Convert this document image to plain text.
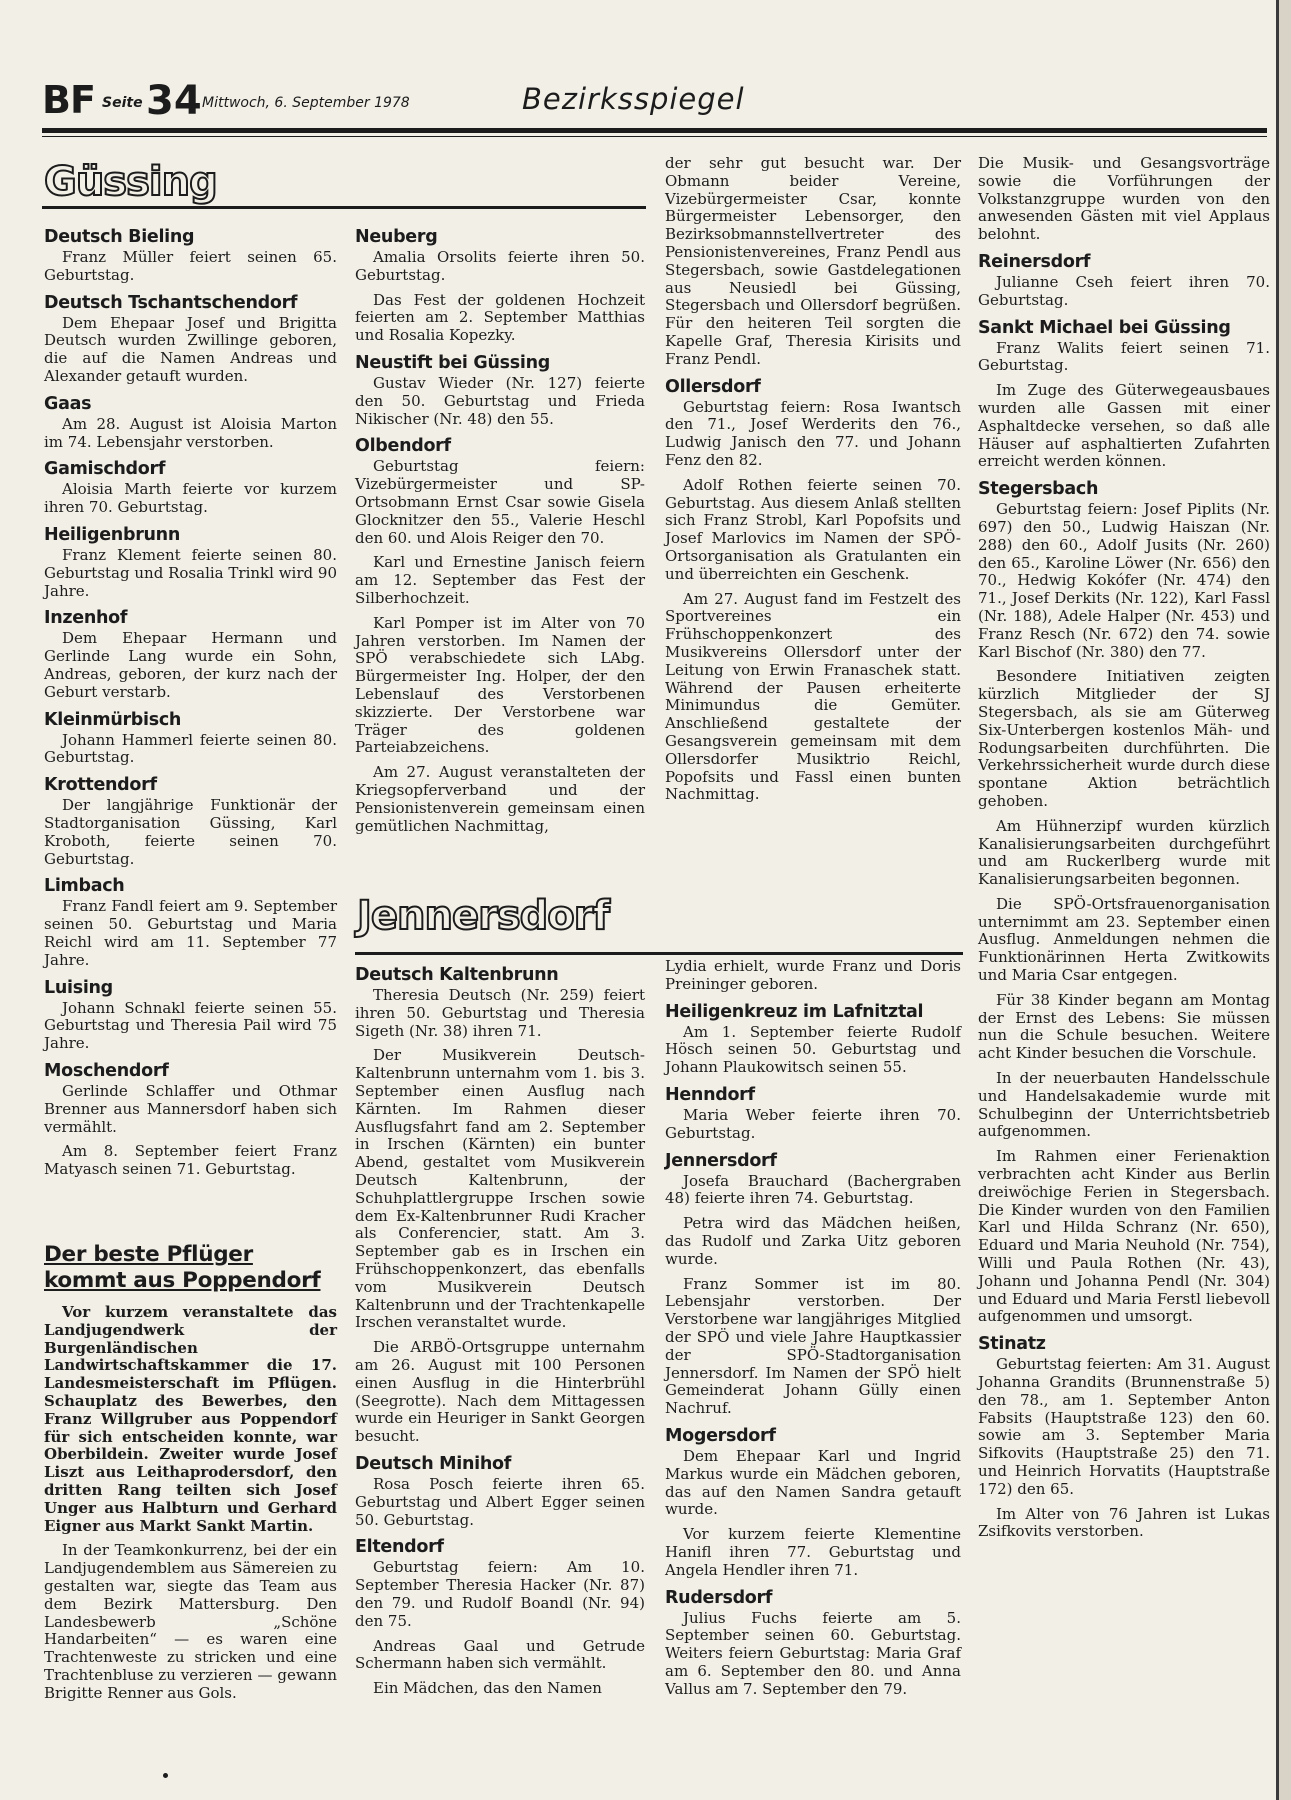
BF Seite 34 Mittwoch, 6. September 1978	Bezirksspiegel
Güssing
Jennersdorf
Deutsch Bieling

Franz Müller feiert seinen 65. Geburtstag.

Deutsch Tschantschendorf

Dem Ehepaar Josef und Brigitta Deutsch wurden Zwillinge geboren, die auf die Namen Andreas und Alexander getauft wurden.

Gaas

Am 28. August ist Aloisia Marton im 74. Lebensjahr verstorben.

Gamischdorf

Aloisia Marth feierte vor kurzem ihren 70. Geburtstag.

Heiligenbrunn

Franz Klement feierte seinen 80. Geburtstag und Rosalia Trinkl wird 90 Jahre.

Inzenhof

Dem Ehepaar Hermann und Gerlinde Lang wurde ein Sohn, Andreas, geboren, der kurz nach der Geburt verstarb.

Kleinmürbisch

Johann Hammerl feierte seinen 80. Geburtstag.

Krottendorf

Der langjährige Funktionär der Stadtorganisation Güssing, Karl Kroboth, feierte seinen 70. Geburtstag.

Limbach

Franz Fandl feiert am 9. September seinen 50. Geburtstag und Maria Reichl wird am 11. September 77 Jahre.

Luising

Johann Schnakl feierte seinen 55. Geburtstag und Theresia Pail wird 75 Jahre.

Moschendorf

Gerlinde Schlaffer und Othmar Brenner aus Mannersdorf haben sich vermählt.

Am 8. September feiert Franz Matyasch seinen 71. Geburtstag.

Der beste Pflüger kommt aus Poppendorf

Vor kurzem veranstaltete das Landjugendwerk der Burgenländischen Landwirtschaftskammer die 17. Landesmeisterschaft im Pflügen. Schauplatz des Bewerbes, den Franz Willgruber aus Poppendorf für sich entscheiden konnte, war Oberbildein. Zweiter wurde Josef Liszt aus Leithaprodersdorf, den dritten Rang teilten sich Josef Unger aus Halbturn und Gerhard Eigner aus Markt Sankt Martin.

In der Teamkonkurrenz, bei der ein Landjugendemblem aus Sämereien zu gestalten war, siegte das Team aus dem Bezirk Mattersburg. Den Landesbewerb „Schöne Handarbeiten“ — es waren eine Trachtenweste zu stricken und eine Trachtenbluse zu verzieren — gewann Brigitte Renner aus Gols.

Neuberg

Amalia Orsolits feierte ihren 50. Geburtstag.

Das Fest der goldenen Hochzeit feierten am 2. September Matthias und Rosalia Kopezky.

Neustift bei Güssing

Gustav Wieder (Nr. 127) feierte den 50. Geburtstag und Frieda Nikischer (Nr. 48) den 55.

Olbendorf

Geburtstag feiern: Vizebürgermeister und SP-Ortsobmann Ernst Csar sowie Gisela Glocknitzer den 55., Valerie Heschl den 60. und Alois Reiger den 70.

Karl und Ernestine Janisch feiern am 12. September das Fest der Silberhochzeit.

Karl Pomper ist im Alter von 70 Jahren verstorben. Im Namen der SPÖ verabschiedete sich LAbg. Bürgermeister Ing. Holper, der den Lebenslauf des Verstorbenen skizzierte. Der Verstorbene war Träger des goldenen Parteiabzeichens.

Am 27. August veranstalteten der Kriegsopferverband und der Pensionistenverein gemeinsam einen gemütlichen Nachmittag,

der sehr gut besucht war. Der Obmann beider Vereine, Vizebürgermeister Csar, konnte Bürgermeister Lebensorger, den Bezirksobmannstellvertreter des Pensionistenvereines, Franz Pendl aus Stegersbach, sowie Gastdelegationen aus Neusiedl bei Güssing, Stegersbach und Ollersdorf begrüßen. Für den heiteren Teil sorgten die Kapelle Graf, Theresia Kirisits und Franz Pendl.

Ollersdorf

Geburtstag feiern: Rosa Iwantsch den 71., Josef Werderits den 76., Ludwig Janisch den 77. und Johann Fenz den 82.

Adolf Rothen feierte seinen 70. Geburtstag. Aus diesem Anlaß stellten sich Franz Strobl, Karl Popofsits und Josef Marlovics im Namen der SPÖ-Ortsorganisation als Gratulanten ein und überreichten ein Geschenk.

Am 27. August fand im Festzelt des Sportvereines ein Frühschoppenkonzert des Musikvereins Ollersdorf unter der Leitung von Erwin Franaschek statt. Während der Pausen erheiterte Minimundus die Gemüter. Anschließend gestaltete der Gesangsverein gemeinsam mit dem Ollersdorfer Musiktrio Reichl, Popofsits und Fassl einen bunten Nachmittag.

Deutsch Kaltenbrunn

Theresia Deutsch (Nr. 259) feiert ihren 50. Geburtstag und Theresia Sigeth (Nr. 38) ihren 71.

Der Musikverein Deutsch-Kaltenbrunn unternahm vom 1. bis 3. September einen Ausflug nach Kärnten. Im Rahmen dieser Ausflugsfahrt fand am 2. September in Irschen (Kärnten) ein bunter Abend, gestaltet vom Musikverein Deutsch Kaltenbrunn, der Schuhplattlergruppe Irschen sowie dem Ex-Kaltenbrunner Rudi Kracher als Conferencier, statt. Am 3. September gab es in Irschen ein Frühschoppenkonzert, das ebenfalls vom Musikverein Deutsch Kaltenbrunn und der Trachtenkapelle Irschen veranstaltet wurde.

Die ARBÖ-Ortsgruppe unternahm am 26. August mit 100 Personen einen Ausflug in die Hinterbrühl (Seegrotte). Nach dem Mittagessen wurde ein Heuriger in Sankt Georgen besucht.

Deutsch Minihof

Rosa Posch feierte ihren 65. Geburtstag und Albert Egger seinen 50. Geburtstag.

Eltendorf

Geburtstag feiern: Am 10. September Theresia Hacker (Nr. 87) den 79. und Rudolf Boandl (Nr. 94) den 75.

Andreas Gaal und Getrude Schermann haben sich vermählt.

Ein Mädchen, das den Namen

Lydia erhielt, wurde Franz und Doris Preininger geboren.

Heiligenkreuz im Lafnitztal

Am 1. September feierte Rudolf Hösch seinen 50. Geburtstag und Johann Plaukowitsch seinen 55.

Henndorf

Maria Weber feierte ihren 70. Geburtstag.

Jennersdorf

Josefa Brauchard (Bachergraben 48) feierte ihren 74. Geburtstag.

Petra wird das Mädchen heißen, das Rudolf und Zarka Uitz geboren wurde.

Franz Sommer ist im 80. Lebensjahr verstorben. Der Verstorbene war langjähriges Mitglied der SPÖ und viele Jahre Hauptkassier der SPÖ-Stadtorganisation Jennersdorf. Im Namen der SPÖ hielt Gemeinderat Johann Gülly einen Nachruf.

Mogersdorf

Dem Ehepaar Karl und Ingrid Markus wurde ein Mädchen geboren, das auf den Namen Sandra getauft wurde.

Vor kurzem feierte Klementine Hanifl ihren 77. Geburtstag und Angela Hendler ihren 71.

Rudersdorf

Julius Fuchs feierte am 5. September seinen 60. Geburtstag. Weiters feiern Geburtstag: Maria Graf am 6. September den 80. und Anna Vallus am 7. September den 79.

Die Musik- und Gesangsvorträge sowie die Vorführungen der Volkstanzgruppe wurden von den anwesenden Gästen mit viel Applaus belohnt.

Reinersdorf

Julianne Cseh feiert ihren 70. Geburtstag.

Sankt Michael bei Güssing

Franz Walits feiert seinen 71. Geburtstag.

Im Zuge des Güterwegeausbaues wurden alle Gassen mit einer Asphaltdecke versehen, so daß alle Häuser auf asphaltierten Zufahrten erreicht werden können.

Stegersbach

Geburtstag feiern: Josef Piplits (Nr. 697) den 50., Ludwig Haiszan (Nr. 288) den 60., Adolf Jusits (Nr. 260) den 65., Karoline Löwer (Nr. 656) den 70., Hedwig Kokófer (Nr. 474) den 71., Josef Derkits (Nr. 122), Karl Fassl (Nr. 188), Adele Halper (Nr. 453) und Franz Resch (Nr. 672) den 74. sowie Karl Bischof (Nr. 380) den 77.

Besondere Initiativen zeigten kürzlich Mitglieder der SJ Stegersbach, als sie am Güterweg Six-Unterbergen kostenlos Mäh- und Rodungsarbeiten durchführten. Die Verkehrssicherheit wurde durch diese spontane Aktion beträchtlich gehoben.

Am Hühnerzipf wurden kürzlich Kanalisierungsarbeiten durchgeführt und am Ruckerlberg wurde mit Kanalisierungsarbeiten begonnen.

Die SPÖ-Ortsfrauenorganisation unternimmt am 23. September einen Ausflug. Anmeldungen nehmen die Funktionärinnen Herta Zwitkowits und Maria Csar entgegen.

Für 38 Kinder begann am Montag der Ernst des Lebens: Sie müssen nun die Schule besuchen. Weitere acht Kinder besuchen die Vorschule.

In der neuerbauten Handelsschule und Handelsakademie wurde mit Schulbeginn der Unterrichtsbetrieb aufgenommen.

Im Rahmen einer Ferienaktion verbrachten acht Kinder aus Berlin dreiwöchige Ferien in Stegersbach. Die Kinder wurden von den Familien Karl und Hilda Schranz (Nr. 650), Eduard und Maria Neuhold (Nr. 754), Willi und Paula Rothen (Nr. 43), Johann und Johanna Pendl (Nr. 304) und Eduard und Maria Ferstl liebevoll aufgenommen und umsorgt.

Stinatz

Geburtstag feierten: Am 31. August Johanna Grandits (Brunnenstraße 5) den 78., am 1. September Anton Fabsits (Hauptstraße 123) den 60. sowie am 3. September Maria Sifkovits (Hauptstraße 25) den 71. und Heinrich Horvatits (Hauptstraße 172) den 65.

Im Alter von 76 Jahren ist Lukas Zsifkovits verstorben.
